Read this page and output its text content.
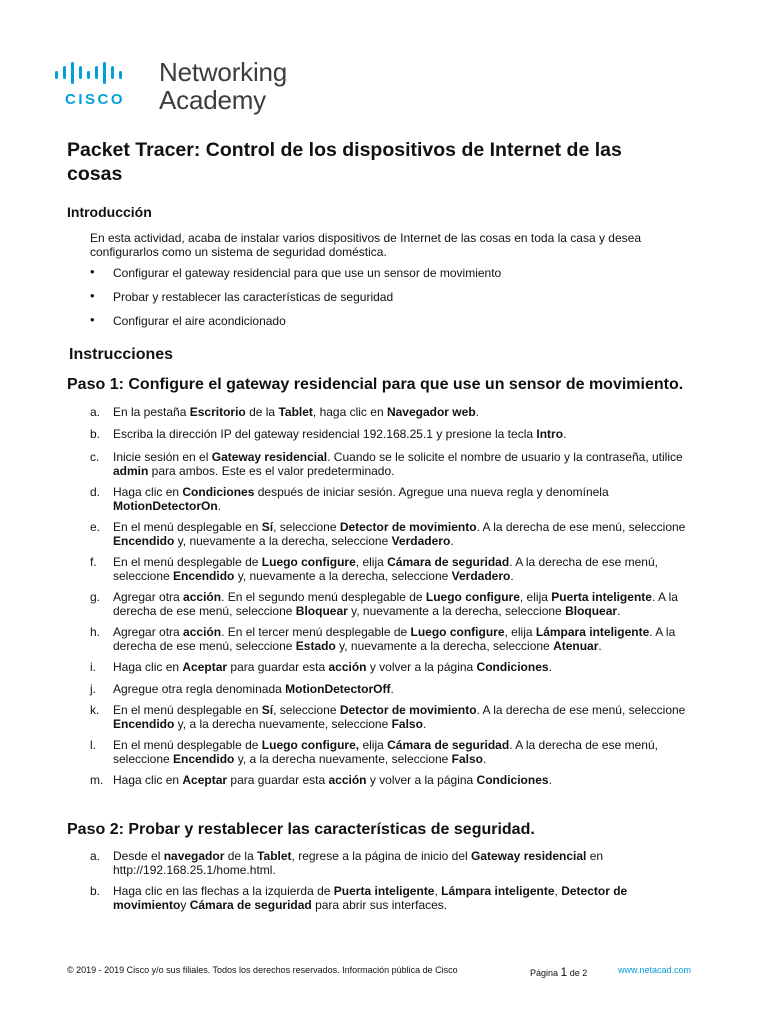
CISCO
Networking
Academy
Packet Tracer: Control de los dispositivos de Internet de las cosas
Introducción
En esta actividad, acaba de instalar varios dispositivos de Internet de las cosas en toda la casa y desea configurarlos como un sistema de seguridad doméstica.
• Configurar el gateway residencial para que use un sensor de movimiento
• Probar y restablecer las características de seguridad
• Configurar el aire acondicionado
Instrucciones
Paso 1: Configure el gateway residencial para que use un sensor de movimiento.
a. En la pestaña Escritorio de la Tablet, haga clic en Navegador web.
b. Escriba la dirección IP del gateway residencial 192.168.25.1 y presione la tecla Intro.
c. Inicie sesión en el Gateway residencial. Cuando se le solicite el nombre de usuario y la contraseña, utilice admin para ambos. Este es el valor predeterminado.
d. Haga clic en Condiciones después de iniciar sesión. Agregue una nueva regla y denomínela MotionDetectorOn.
e. En el menú desplegable en Sí, seleccione Detector de movimiento. A la derecha de ese menú, seleccione Encendido y, nuevamente a la derecha, seleccione Verdadero.
f. En el menú desplegable de Luego configure, elija Cámara de seguridad. A la derecha de ese menú, seleccione Encendido y, nuevamente a la derecha, seleccione Verdadero.
g. Agregar otra acción. En el segundo menú desplegable de Luego configure, elija Puerta inteligente. A la derecha de ese menú, seleccione Bloquear y, nuevamente a la derecha, seleccione Bloquear.
h. Agregar otra acción. En el tercer menú desplegable de Luego configure, elija Lámpara inteligente. A la derecha de ese menú, seleccione Estado y, nuevamente a la derecha, seleccione Atenuar.
i. Haga clic en Aceptar para guardar esta acción y volver a la página Condiciones.
j. Agregue otra regla denominada MotionDetectorOff.
k. En el menú desplegable en Sí, seleccione Detector de movimiento. A la derecha de ese menú, seleccione Encendido y, a la derecha nuevamente, seleccione Falso.
l. En el menú desplegable de Luego configure, elija Cámara de seguridad. A la derecha de ese menú, seleccione Encendido y, a la derecha nuevamente, seleccione Falso.
m. Haga clic en Aceptar para guardar esta acción y volver a la página Condiciones.
Paso 2: Probar y restablecer las características de seguridad.
a. Desde el navegador de la Tablet, regrese a la página de inicio del Gateway residencial en http://192.168.25.1/home.html.
b. Haga clic en las flechas a la izquierda de Puerta inteligente, Lámpara inteligente, Detector de movimientoy Cámara de seguridad para abrir sus interfaces.
© 2019 - 2019 Cisco y/o sus filiales. Todos los derechos reservados. Información pública de Cisco	Página 1 de 2	www.netacad.com
